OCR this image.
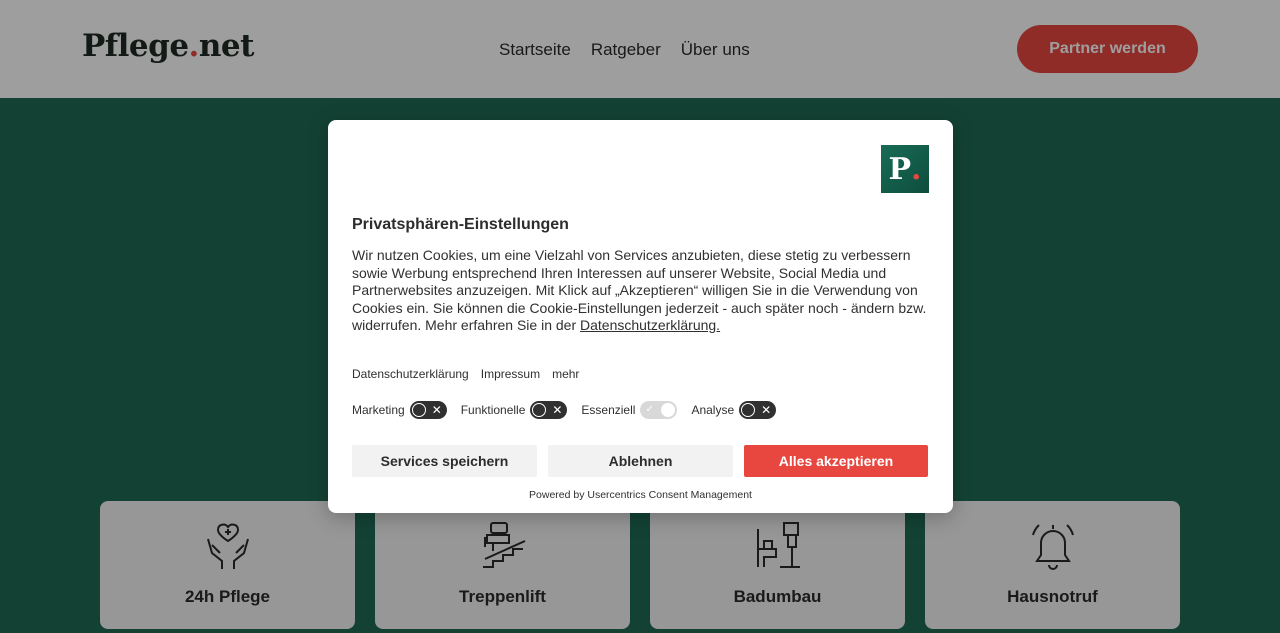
Pflege.net	Startseite Ratgeber Über uns	Partner werden
24h Pflege	Treppenlift	Badumbau	Hausnotruf
P .
Privatsphären-Einstellungen
Wir nutzen Cookies, um eine Vielzahl von Services anzubieten, diese stetig zu verbessern sowie Werbung entsprechend Ihren Interessen auf unserer Website, Social Media und Partnerwebsites anzuzeigen. Mit Klick auf „Akzeptieren“ willigen Sie in die Verwendung von Cookies ein. Sie können die Cookie-Einstellungen jederzeit - auch später noch - ändern bzw. widerrufen. Mehr erfahren Sie in der Datenschutzerklärung.
Datenschutzerklärung Impressum mehr
Marketing ✕ Funktionelle ✕ Essenziell ✓	Analyse ✕
Services speichern	Ablehnen	Alles akzeptieren
Powered by Usercentrics Consent Management
